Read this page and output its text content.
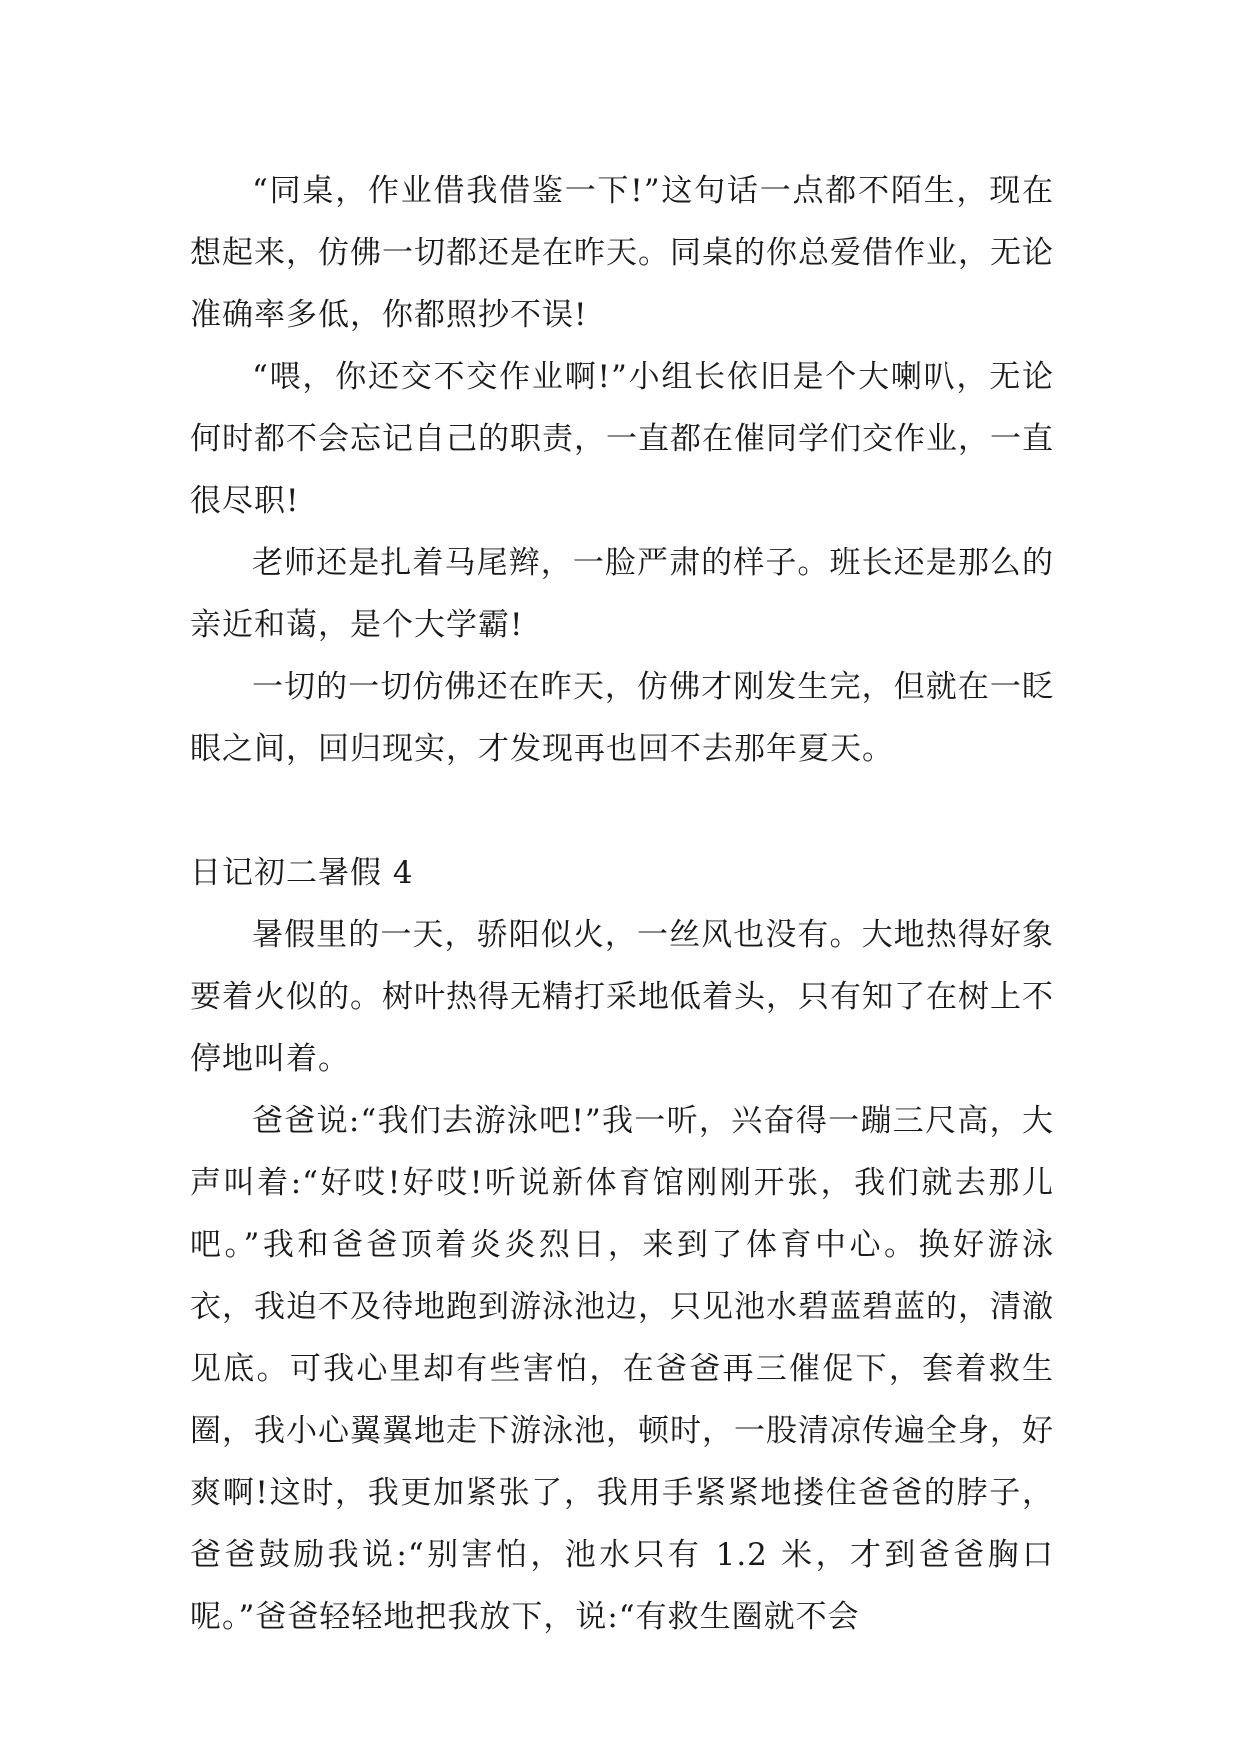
“同桌，作业借我借鉴一下!”这句话一点都不陌生，现在想起来，仿佛一切都还是在昨天。同桌的你总爱借作业，无论准确率多低，你都照抄不误!

“喂，你还交不交作业啊!”小组长依旧是个大喇叭，无论何时都不会忘记自己的职责，一直都在催同学们交作业，一直很尽职!

老师还是扎着马尾辫，一脸严肃的样子。班长还是那么的亲近和蔼，是个大学霸!

一切的一切仿佛还在昨天，仿佛才刚发生完，但就在一眨眼之间，回归现实，才发现再也回不去那年夏天。

日记初二暑假 4

暑假里的一天，骄阳似火，一丝风也没有。大地热得好象要着火似的。树叶热得无精打采地低着头，只有知了在树上不停地叫着。

爸爸说:“我们去游泳吧!”我一听，兴奋得一蹦三尺高，大声叫着:“好哎!好哎!听说新体育馆刚刚开张，我们就去那儿吧。”我和爸爸顶着炎炎烈日，来到了体育中心。换好游泳衣，我迫不及待地跑到游泳池边，只见池水碧蓝碧蓝的，清澈见底。可我心里却有些害怕，在爸爸再三催促下，套着救生圈，我小心翼翼地走下游泳池，顿时，一股清凉传遍全身，好爽啊!这时，我更加紧张了，我用手紧紧地搂住爸爸的脖子，爸爸鼓励我说:“别害怕，池水只有 1.2 米，才到爸爸胸口呢。”爸爸轻轻地把我放下，说:“有救生圈就不会
